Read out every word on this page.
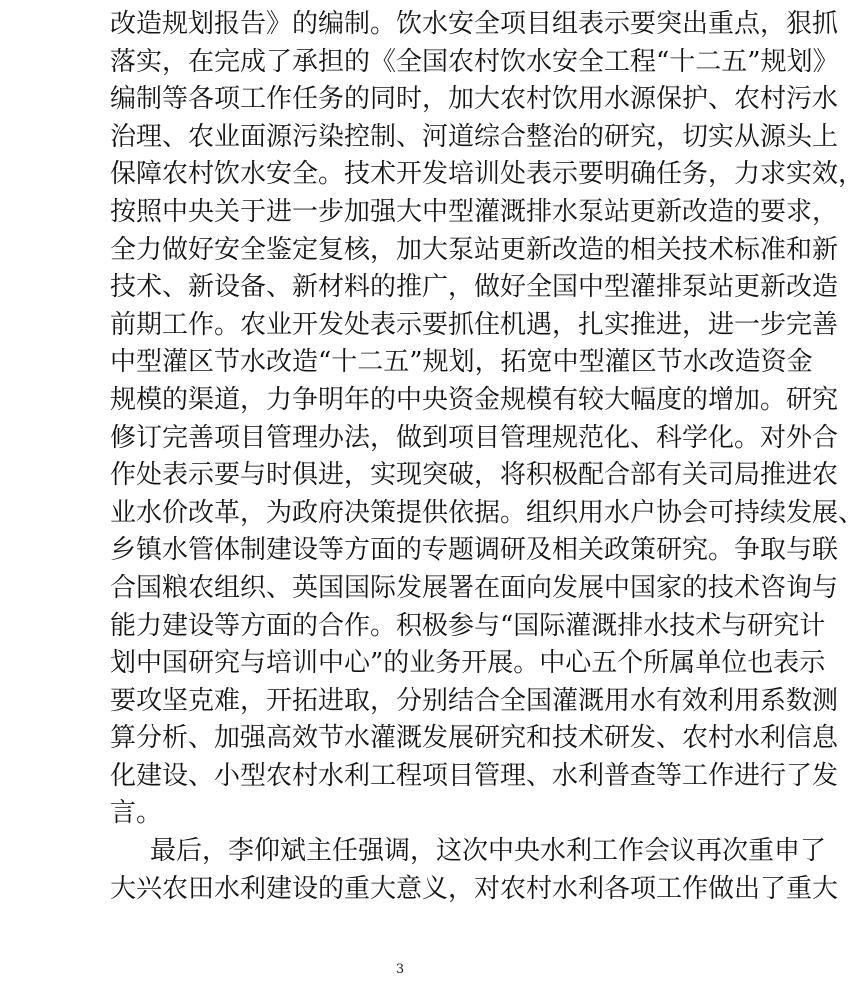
改造规划报告》的编制。饮水安全项目组表示要突出重点，狠抓
落实，在完成了承担的《全国农村饮水安全工程“十二五”规划》
编制等各项工作任务的同时，加大农村饮用水源保护、农村污水
治理、农业面源污染控制、河道综合整治的研究，切实从源头上
保障农村饮水安全。技术开发培训处表示要明确任务，力求实效，
按照中央关于进一步加强大中型灌溉排水泵站更新改造的要求，
全力做好安全鉴定复核，加大泵站更新改造的相关技术标准和新
技术、新设备、新材料的推广，做好全国中型灌排泵站更新改造
前期工作。农业开发处表示要抓住机遇，扎实推进，进一步完善
中型灌区节水改造“十二五”规划，拓宽中型灌区节水改造资金
规模的渠道，力争明年的中央资金规模有较大幅度的增加。研究
修订完善项目管理办法，做到项目管理规范化、科学化。对外合
作处表示要与时俱进，实现突破，将积极配合部有关司局推进农
业水价改革，为政府决策提供依据。组织用水户协会可持续发展、
乡镇水管体制建设等方面的专题调研及相关政策研究。争取与联
合国粮农组织、英国国际发展署在面向发展中国家的技术咨询与
能力建设等方面的合作。积极参与“国际灌溉排水技术与研究计
划中国研究与培训中心”的业务开展。中心五个所属单位也表示
要攻坚克难，开拓进取，分别结合全国灌溉用水有效利用系数测
算分析、加强高效节水灌溉发展研究和技术研发、农村水利信息
化建设、小型农村水利工程项目管理、水利普查等工作进行了发
言。
最后，李仰斌主任强调，这次中央水利工作会议再次重申了
大兴农田水利建设的重大意义，对农村水利各项工作做出了重大
3
